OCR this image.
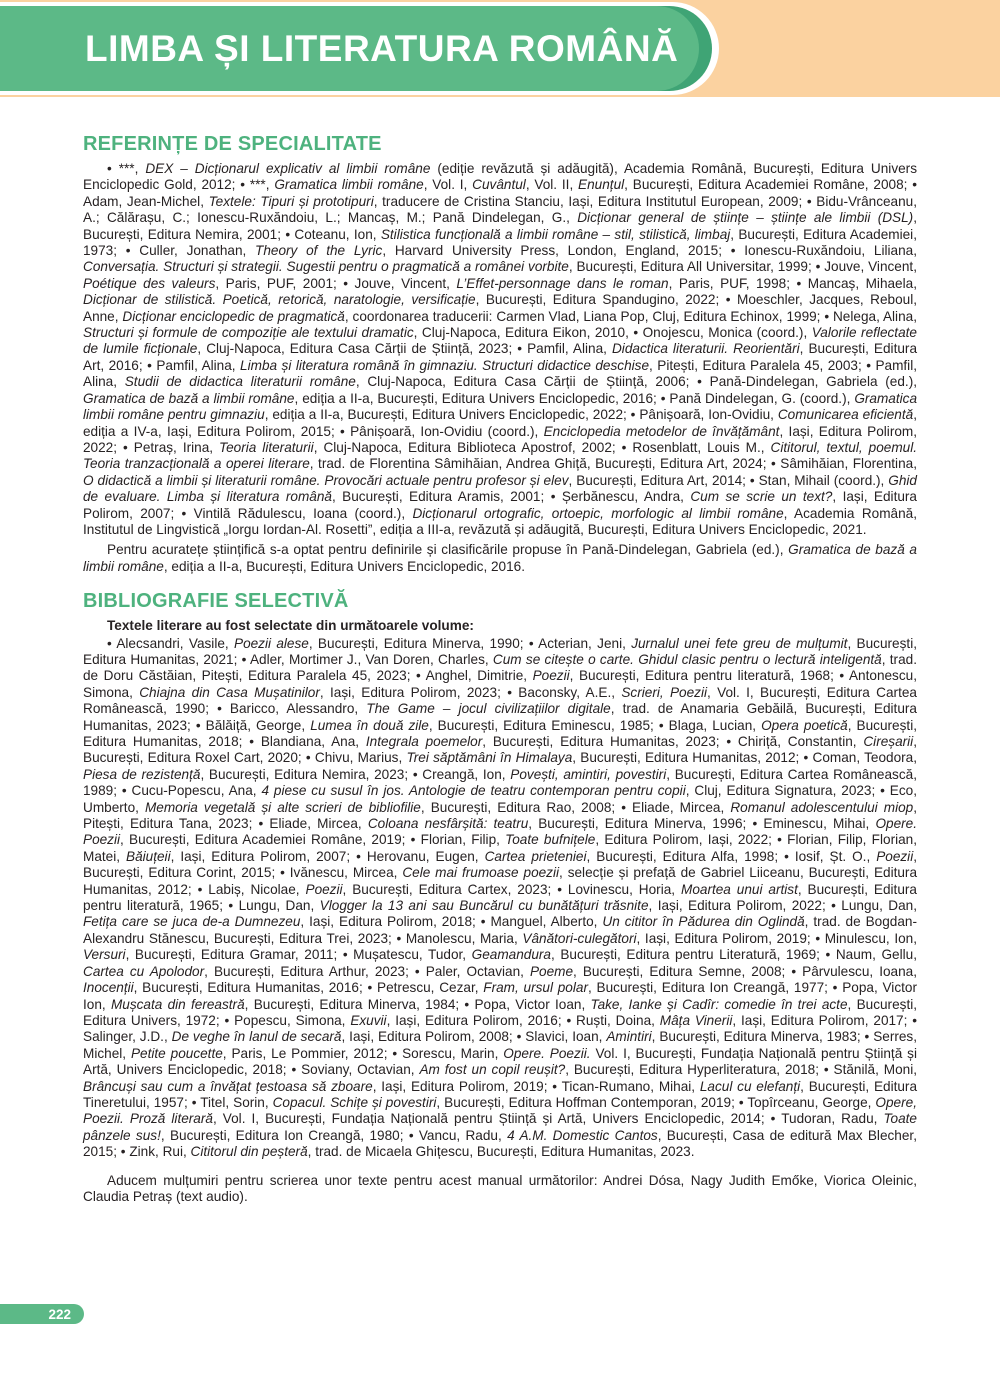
LIMBA ȘI LITERATURA ROMÂNĂ
REFERINȚE DE SPECIALITATE

• ***, DEX – Dicționarul explicativ al limbii române (ediție revăzută și adăugită), Academia Română, București, Editura Univers Enciclopedic Gold, 2012; • ***, Gramatica limbii române, Vol. I, Cuvântul, Vol. II, Enunțul, București, Editura Academiei Române, 2008; • Adam, Jean-Michel, Textele: Tipuri și prototipuri, traducere de Cristina Stanciu, Iași, Editura Institutul European, 2009; • Bidu-Vrânceanu, A.; Călărașu, C.; Ionescu-Ruxăndoiu, L.; Mancaș, M.; Pană Dindelegan, G., Dicționar general de științe – științe ale limbii (DSL), București, Editura Nemira, 2001; • Coteanu, Ion, Stilistica funcțională a limbii române – stil, stilistică, limbaj, București, Editura Academiei, 1973; • Culler, Jonathan, Theory of the Lyric, Harvard University Press, London, England, 2015; • Ionescu-Ruxăndoiu, Liliana, Conversația. Structuri și strategii. Sugestii pentru o pragmatică a românei vorbite, București, Editura All Universitar, 1999; • Jouve, Vincent, Poétique des valeurs, Paris, PUF, 2001; • Jouve, Vincent, L’Effet-personnage dans le roman, Paris, PUF, 1998; • Mancaș, Mihaela, Dicționar de stilistică. Poetică, retorică, naratologie, versificație, București, Editura Spandugino, 2022; • Moeschler, Jacques, Reboul, Anne, Dicționar enciclopedic de pragmatică, coordonarea traducerii: Carmen Vlad, Liana Pop, Cluj, Editura Echinox, 1999; • Nelega, Alina, Structuri și formule de compoziție ale textului dramatic, Cluj-Napoca, Editura Eikon, 2010, • Onojescu, Monica (coord.), Valorile reflectate de lumile ficționale, Cluj-Napoca, Editura Casa Cărții de Știință, 2023; • Pamfil, Alina, Didactica literaturii. Reorientări, București, Editura Art, 2016; • Pamfil, Alina, Limba și literatura română în gimnaziu. Structuri didactice deschise, Pitești, Editura Paralela 45, 2003; • Pamfil, Alina, Studii de didactica literaturii române, Cluj-Napoca, Editura Casa Cărții de Știință, 2006; • Pană-Dindelegan, Gabriela (ed.), Gramatica de bază a limbii române, ediția a II-a, București, Editura Univers Enciclopedic, 2016; • Pană Dindelegan, G. (coord.), Gramatica limbii române pentru gimnaziu, ediția a II-a, București, Editura Univers Enciclopedic, 2022; • Pânișoară, Ion-Ovidiu, Comunicarea eficientă, ediția a IV-a, Iași, Editura Polirom, 2015; • Pânișoară, Ion-Ovidiu (coord.), Enciclopedia metodelor de învățământ, Iași, Editura Polirom, 2022; • Petraș, Irina, Teoria literaturii, Cluj-Napoca, Editura Biblioteca Apostrof, 2002; • Rosenblatt, Louis M., Cititorul, textul, poemul. Teoria tranzacțională a operei literare, trad. de Florentina Sâmihăian, Andrea Ghiță, București, Editura Art, 2024; • Sâmihăian, Florentina, O didactică a limbii și literaturii române. Provocări actuale pentru profesor și elev, București, Editura Art, 2014; • Stan, Mihail (coord.), Ghid de evaluare. Limba și literatura română, București, Editura Aramis, 2001; • Șerbănescu, Andra, Cum se scrie un text?, Iași, Editura Polirom, 2007; • Vintilă Rădulescu, Ioana (coord.), Dicționarul ortografic, ortoepic, morfologic al limbii române, Academia Română, Institutul de Lingvistică „Iorgu Iordan-Al. Rosetti”, ediția a III-a, revăzută și adăugită, București, Editura Univers Enciclopedic, 2021.

Pentru acuratețe științifică s-a optat pentru definirile și clasificările propuse în Pană-Dindelegan, Gabriela (ed.), Gramatica de bază a limbii române, ediția a II-a, București, Editura Univers Enciclopedic, 2016.

BIBLIOGRAFIE SELECTIVĂ

Textele literare au fost selectate din următoarele volume:

• Alecsandri, Vasile, Poezii alese, București, Editura Minerva, 1990; • Acterian, Jeni, Jurnalul unei fete greu de mulțumit, București, Editura Humanitas, 2021; • Adler, Mortimer J., Van Doren, Charles, Cum se citește o carte. Ghidul clasic pentru o lectură inteligentă, trad. de Doru Căstăian, Pitești, Editura Paralela 45, 2023; • Anghel, Dimitrie, Poezii, București, Editura pentru literatură, 1968; • Antonescu, Simona, Chiajna din Casa Mușatinilor, Iași, Editura Polirom, 2023; • Baconsky, A.E., Scrieri, Poezii, Vol. I, București, Editura Cartea Românească, 1990; • Baricco, Alessandro, The Game – jocul civilizațiilor digitale, trad. de Anamaria Gebăilă, București, Editura Humanitas, 2023; • Bălăiță, George, Lumea în două zile, București, Editura Eminescu, 1985; • Blaga, Lucian, Opera poetică, București, Editura Humanitas, 2018; • Blandiana, Ana, Integrala poemelor, București, Editura Humanitas, 2023; • Chiriță, Constantin, Cireșarii, București, Editura Roxel Cart, 2020; • Chivu, Marius, Trei săptămâni în Himalaya, București, Editura Humanitas, 2012; • Coman, Teodora, Piesa de rezistență, București, Editura Nemira, 2023; • Creangă, Ion, Povești, amintiri, povestiri, București, Editura Cartea Românească, 1989; • Cucu-Popescu, Ana, 4 piese cu susul în jos. Antologie de teatru contemporan pentru copii, Cluj, Editura Signatura, 2023; • Eco, Umberto, Memoria vegetală și alte scrieri de bibliofilie, București, Editura Rao, 2008; • Eliade, Mircea, Romanul adolescentului miop, Pitești, Editura Tana, 2023; • Eliade, Mircea, Coloana nesfârșită: teatru, București, Editura Minerva, 1996; • Eminescu, Mihai, Opere. Poezii, București, Editura Academiei Române, 2019; • Florian, Filip, Toate bufnițele, Editura Polirom, Iași, 2022; • Florian, Filip, Florian, Matei, Băiuțeii, Iași, Editura Polirom, 2007; • Herovanu, Eugen, Cartea prieteniei, București, Editura Alfa, 1998; • Iosif, Șt. O., Poezii, București, Editura Corint, 2015; • Ivănescu, Mircea, Cele mai frumoase poezii, selecție și prefață de Gabriel Liiceanu, București, Editura Humanitas, 2012; • Labiș, Nicolae, Poezii, București, Editura Cartex, 2023; • Lovinescu, Horia, Moartea unui artist, București, Editura pentru literatură, 1965; • Lungu, Dan, Vlogger la 13 ani sau Buncărul cu bunătățuri trăsnite, Iași, Editura Polirom, 2022; • Lungu, Dan, Fetița care se juca de-a Dumnezeu, Iași, Editura Polirom, 2018; • Manguel, Alberto, Un cititor în Pădurea din Oglindă, trad. de Bogdan-Alexandru Stănescu, București, Editura Trei, 2023; • Manolescu, Maria, Vânători-culegători, Iași, Editura Polirom, 2019; • Minulescu, Ion, Versuri, București, Editura Gramar, 2011; • Mușatescu, Tudor, Geamandura, București, Editura pentru Literatură, 1969; • Naum, Gellu, Cartea cu Apolodor, București, Editura Arthur, 2023; • Paler, Octavian, Poeme, București, Editura Semne, 2008; • Pârvulescu, Ioana, Inocenții, București, Editura Humanitas, 2016; • Petrescu, Cezar, Fram, ursul polar, București, Editura Ion Creangă, 1977; • Popa, Victor Ion, Mușcata din fereastră, București, Editura Minerva, 1984; • Popa, Victor Ioan, Take, Ianke și Cadîr: comedie în trei acte, București, Editura Univers, 1972; • Popescu, Simona, Exuvii, Iași, Editura Polirom, 2016; • Ruști, Doina, Mâța Vinerii, Iași, Editura Polirom, 2017; • Salinger, J.D., De veghe în lanul de secară, Iași, Editura Polirom, 2008; • Slavici, Ioan, Amintiri, București, Editura Minerva, 1983; • Serres, Michel, Petite poucette, Paris, Le Pommier, 2012; • Sorescu, Marin, Opere. Poezii. Vol. I, București, Fundația Națională pentru Știință și Artă, Univers Enciclopedic, 2018; • Soviany, Octavian, Am fost un copil reușit?, București, Editura Hyperliteratura, 2018; • Stănilă, Moni, Brâncuși sau cum a învățat țestoasa să zboare, Iași, Editura Polirom, 2019; • Tican-Rumano, Mihai, Lacul cu elefanți, București, Editura Tineretului, 1957; • Titel, Sorin, Copacul. Schițe și povestiri, București, Editura Hoffman Contemporan, 2019; • Topîrceanu, George, Opere, Poezii. Proză literară, Vol. I, București, Fundația Națională pentru Știință și Artă, Univers Enciclopedic, 2014; • Tudoran, Radu, Toate pânzele sus!, București, Editura Ion Creangă, 1980; • Vancu, Radu, 4 A.M. Domestic Cantos, București, Casa de editură Max Blecher, 2015; • Zink, Rui, Cititorul din peșteră, trad. de Micaela Ghițescu, București, Editura Humanitas, 2023.

Aducem mulțumiri pentru scrierea unor texte pentru acest manual următorilor: Andrei Dósa, Nagy Judith Emőke, Viorica Oleinic, Claudia Petraș (text audio).

222
